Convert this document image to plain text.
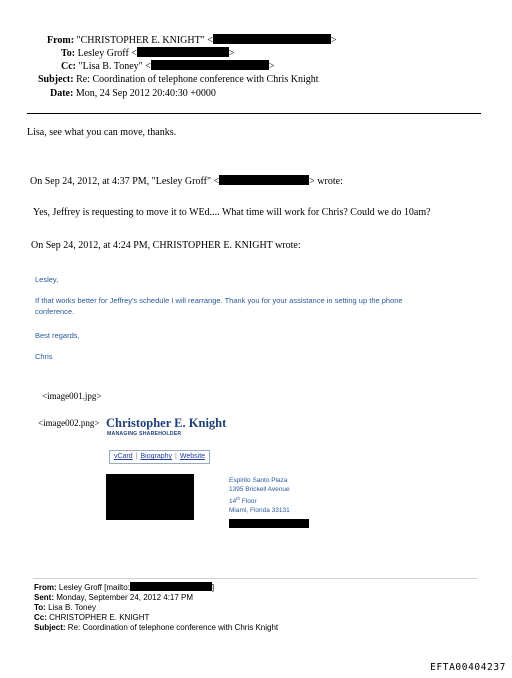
From: "CHRISTOPHER E. KNIGHT" <	>
To: Lesley Groff <	>
Cc: "Lisa B. Toney" <	>
Subject: Re: Coordination of telephone conference with Chris Knight
Date: Mon, 24 Sep 2012 20:40:30 +0000
Lisa, see what you can move, thanks.
On Sep 24, 2012, at 4:37 PM, "Lesley Groff" <	> wrote:
Yes, Jeffrey is requesting to move it to WEd.... What time will work for Chris? Could we do 10am?
On Sep 24, 2012, at 4:24 PM, CHRISTOPHER E. KNIGHT wrote:
Lesley,
If that works better for Jeffrey's schedule I will rearrange. Thank you for your assistance in setting up the phone
conference.
Best regards,
Chris
<image001.jpg>
<image002.png> Christopher E. Knight
MANAGING SHAREHOLDER
vCard | Biography | Website
Espirito Santo Plaza
1395 Brickell Avenue
14th Floor
Miami, Florida 33131
From: Lesley Groff [mailto:	]
Sent: Monday, September 24, 2012 4:17 PM
To: Lisa B. Toney
Cc: CHRISTOPHER E. KNIGHT
Subject: Re: Coordination of telephone conference with Chris Knight
EFTA00404237
